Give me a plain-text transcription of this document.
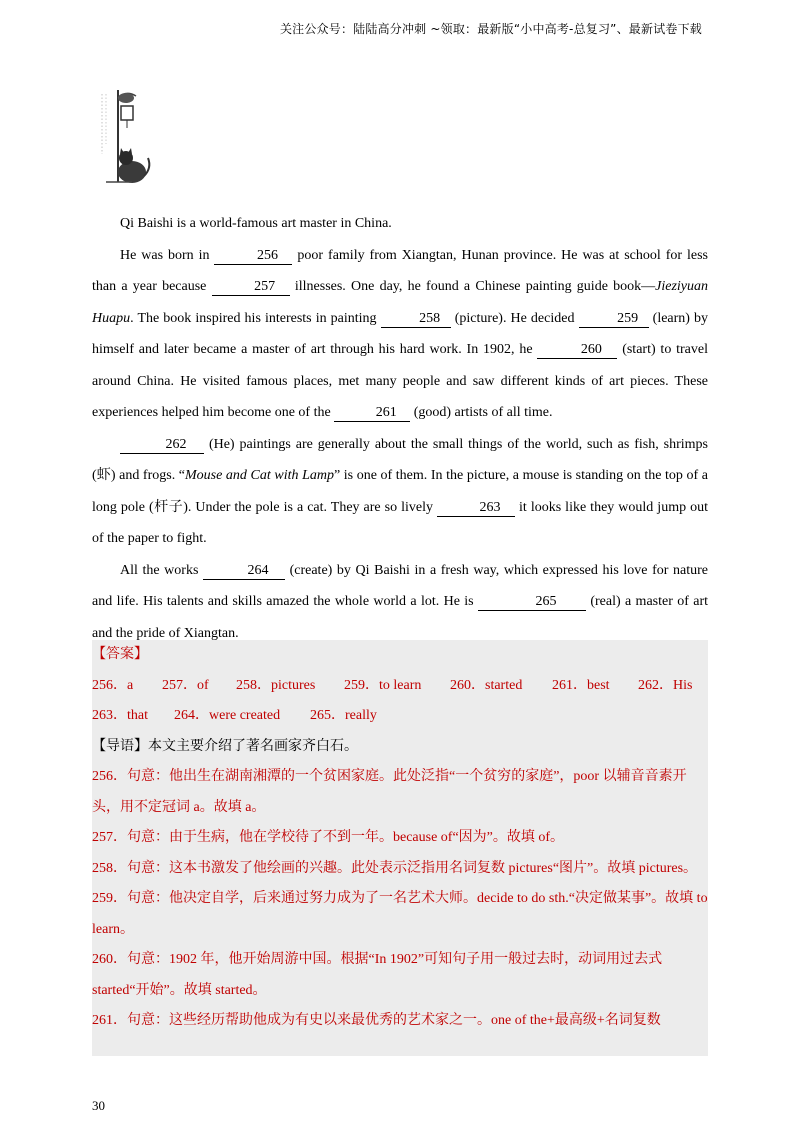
关注公众号：陆陆高分冲刺 ~领取：最新版“小中高考-总复习”、最新试卷下载

Qi Baishi is a world-famous art master in China.

He was born in	256 poor family from Xiangtan, Hunan province. He was at school for less than a year because	257 illnesses. One day, he found a Chinese painting guide book—Jieziyuan Huapu. The book inspired his interests in painting	258 (picture). He decided	259 (learn) by himself and later became a master of art through his hard work. In 1902, he	260 (start) to travel around China. He visited famous places, met many people and saw different kinds of art pieces. These experiences helped him become one of the	261 (good) artists of all time.

262 (He) paintings are generally about the small things of the world, such as fish, shrimps (虾) and frogs. “Mouse and Cat with Lamp” is one of them. In the picture, a mouse is standing on the top of a long pole (杆子). Under the pole is a cat. They are so lively	263 it looks like they would jump out of the paper to fight.

All the works	264 (create) by Qi Baishi in a fresh way, which expressed his love for nature and life. His talents and skills amazed the whole world a lot. He is	265 (real) a master of art and the pride of Xiangtan.

【答案】

256．a	257．of	258．pictures	259．to learn	260．started	261．best	262．His
263．that	264．were created	265．really

【导语】本文主要介绍了著名画家齐白石。

256．句意：他出生在湖南湘潭的一个贫困家庭。此处泛指“一个贫穷的家庭”，poor 以辅音音素开头，用不定冠词 a。故填 a。

257．句意：由于生病，他在学校待了不到一年。because of“因为”。故填 of。

258．句意：这本书激发了他绘画的兴趣。此处表示泛指用名词复数 pictures“图片”。故填 pictures。

259．句意：他决定自学，后来通过努力成为了一名艺术大师。decide to do sth.“决定做某事”。故填 to learn。

260．句意：1902 年，他开始周游中国。根据“In 1902”可知句子用一般过去时，动词用过去式 started“开始”。故填 started。

261．句意：这些经历帮助他成为有史以来最优秀的艺术家之一。one of the+最高级+名词复数

30
